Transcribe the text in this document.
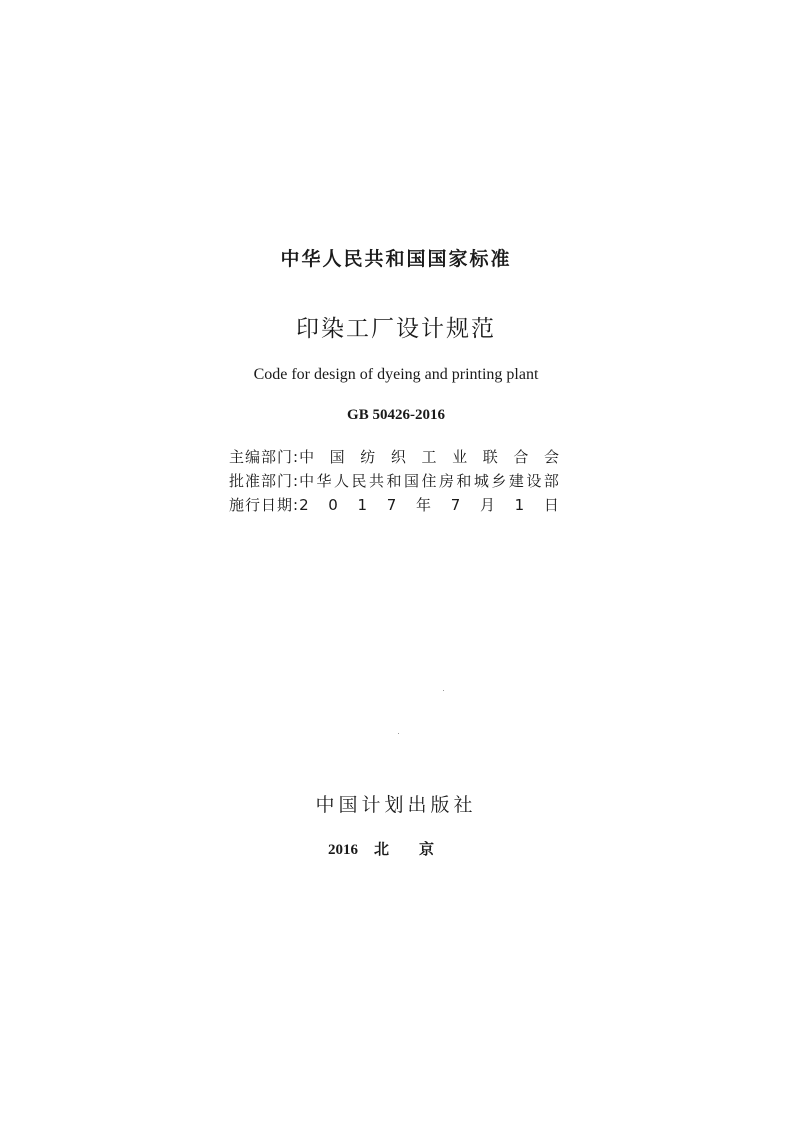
中华人民共和国国家标准
印染工厂设计规范
Code for design of dyeing and printing plant
GB 50426-2016
主编部门: 中 国 纺 织 工 业 联 合 会
批准部门: 中 华 人 民 共 和 国 住 房 和 城 乡 建 设 部
施行日期: 2 0 1 7 年 7 月 1 日
中国计划出版社
2016 北京
